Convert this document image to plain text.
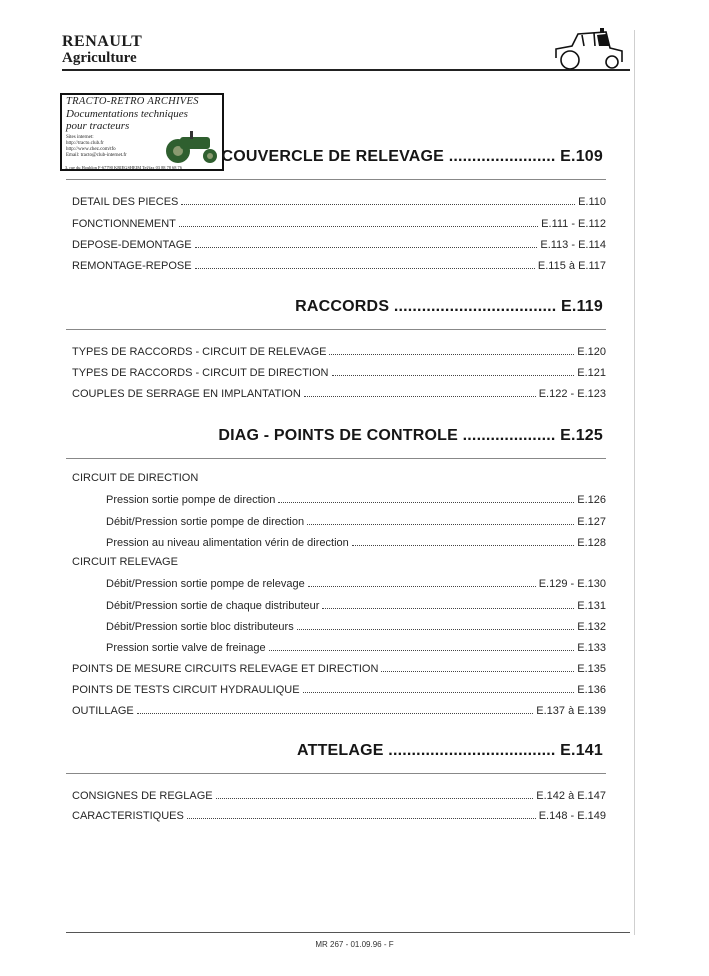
RENAULT
Agriculture
TRACTO-RETRO ARCHIVES
Documentations techniques
pour tracteurs
Sites internet:
http://tracto.club.fr
http://www.chez.com/tfo
Email: tracto@club-internet.fr
3, rue du Houblon F-67790 KRIEGSHEIM Tel/fax 03 88 78 68 76
COUVERCLE DE RELEVAGE ....................... E.109
DETAIL DES PIECES	E.110
FONCTIONNEMENT	E.111 - E.112
DEPOSE-DEMONTAGE	E.113 - E.114
REMONTAGE-REPOSE	E.115 à E.117
RACCORDS ................................... E.119
TYPES DE RACCORDS - CIRCUIT DE RELEVAGE	E.120
TYPES DE RACCORDS - CIRCUIT DE DIRECTION	E.121
COUPLES DE SERRAGE EN IMPLANTATION	E.122 - E.123
DIAG - POINTS DE CONTROLE .................... E.125
CIRCUIT DE DIRECTION
Pression sortie pompe de direction	E.126
Débit/Pression sortie pompe de direction	E.127
Pression au niveau alimentation vérin de direction	E.128
CIRCUIT RELEVAGE
Débit/Pression sortie pompe de relevage	E.129 - E.130
Débit/Pression sortie de chaque distributeur	E.131
Débit/Pression sortie bloc distributeurs	E.132
Pression sortie valve de freinage	E.133
POINTS DE MESURE CIRCUITS RELEVAGE ET DIRECTION	E.135
POINTS DE TESTS CIRCUIT HYDRAULIQUE	E.136
OUTILLAGE	E.137 à E.139
ATTELAGE .................................... E.141
CONSIGNES DE REGLAGE	E.142 à E.147
CARACTERISTIQUES	E.148 - E.149
MR 267 - 01.09.96 - F
